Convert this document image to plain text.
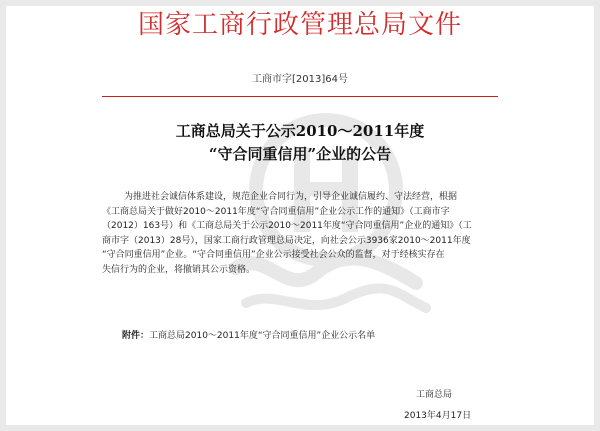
国家工商行政管理总局文件
工商市字[2013]64号
工商总局关于公示2010～2011年度
“守合同重信用”企业的公告
为推进社会诚信体系建设，规范企业合同行为，引导企业诚信履约、守法经营，根据
《工商总局关于做好2010～2011年度“守合同重信用”企业公示工作的通知》（工商市字
（2012）163号）和《工商总局关于公示2010～2011年度“守合同重信用”企业的通知》（工
商市字（2013）28号），国家工商行政管理总局决定，向社会公示3936家2010～2011年度
“守合同重信用”企业。“守合同重信用”企业公示接受社会公众的监督，对于经核实存在
失信行为的企业，将撤销其公示资格。
附件：工商总局2010～2011年度“守合同重信用”企业公示名单
工商总局
2013年4月17日
